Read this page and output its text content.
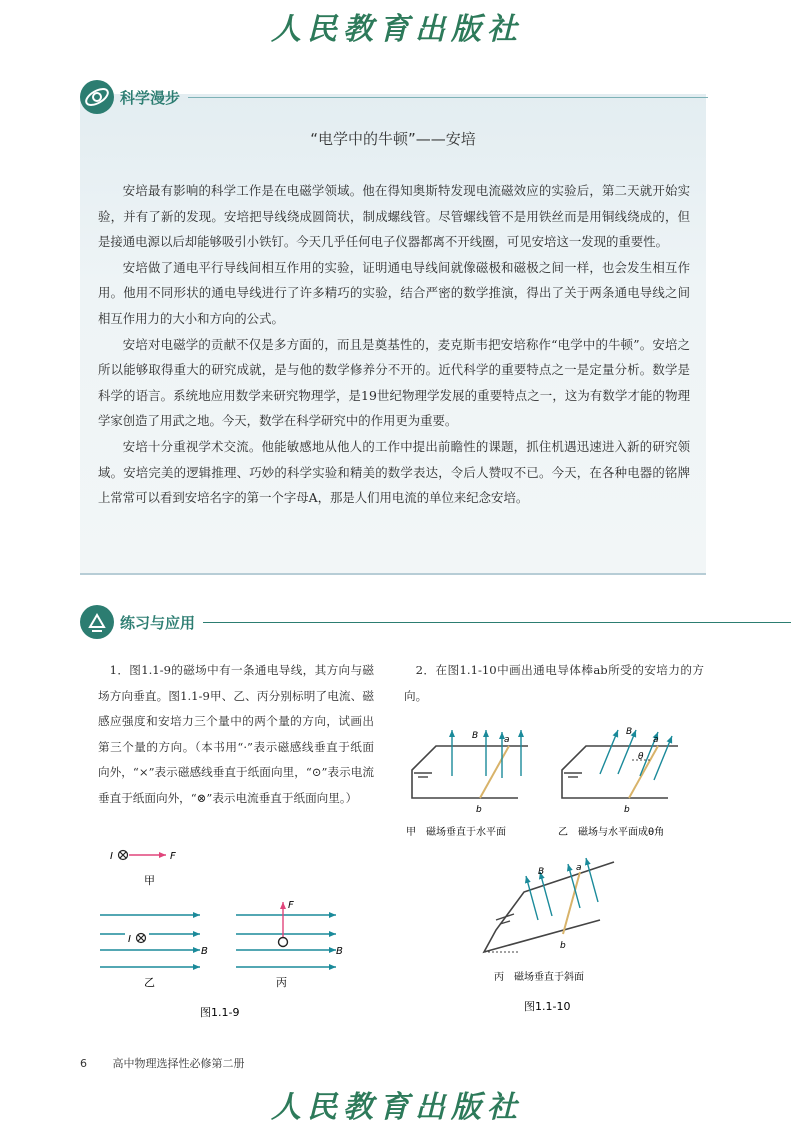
人民教育出版社
科学漫步
“电学中的牛顿”——安培

安培最有影响的科学工作是在电磁学领域。他在得知奥斯特发现电流磁效应的实验后，第二天就开始实验，并有了新的发现。安培把导线绕成圆筒状，制成螺线管。尽管螺线管不是用铁丝而是用铜线绕成的，但是接通电源以后却能够吸引小铁钉。今天几乎任何电子仪器都离不开线圈，可见安培这一发现的重要性。

安培做了通电平行导线间相互作用的实验，证明通电导线间就像磁极和磁极之间一样，也会发生相互作用。他用不同形状的通电导线进行了许多精巧的实验，结合严密的数学推演，得出了关于两条通电导线之间相互作用力的大小和方向的公式。

安培对电磁学的贡献不仅是多方面的，而且是奠基性的，麦克斯韦把安培称作“电学中的牛顿”。安培之所以能够取得重大的研究成就，是与他的数学修养分不开的。近代科学的重要特点之一是定量分析。数学是科学的语言。系统地应用数学来研究物理学，是19世纪物理学发展的重要特点之一，这为有数学才能的物理学家创造了用武之地。今天，数学在科学研究中的作用更为重要。

安培十分重视学术交流。他能敏感地从他人的工作中提出前瞻性的课题，抓住机遇迅速进入新的研究领域。安培完美的逻辑推理、巧妙的科学实验和精美的数学表达，令后人赞叹不已。今天，在各种电器的铭牌上常常可以看到安培名字的第一个字母A，那是人们用电流的单位来纪念安培。

练习与应用

1．图1.1-9的磁场中有一条通电导线，其方向与磁场方向垂直。图1.1-9甲、乙、丙分别标明了电流、磁感应强度和安培力三个量中的两个量的方向，试画出第三个量的方向。（本书用“·”表示磁感线垂直于纸面向外，“×”表示磁感线垂直于纸面向里，“⊙”表示电流垂直于纸面向外，“⊗”表示电流垂直于纸面向里。）

2．在图1.1-10中画出通电导体棒ab所受的安培力的方向。

I	F
甲
I
B
乙
F
B
丙
图1.1-9
B	a
b
甲　磁场垂直于水平面
θ
B
a
b
乙　磁场与水平面成θ角
B	a
b
丙　磁场垂直于斜面
图1.1-10
6 高中物理选择性必修第二册
人民教育出版社
